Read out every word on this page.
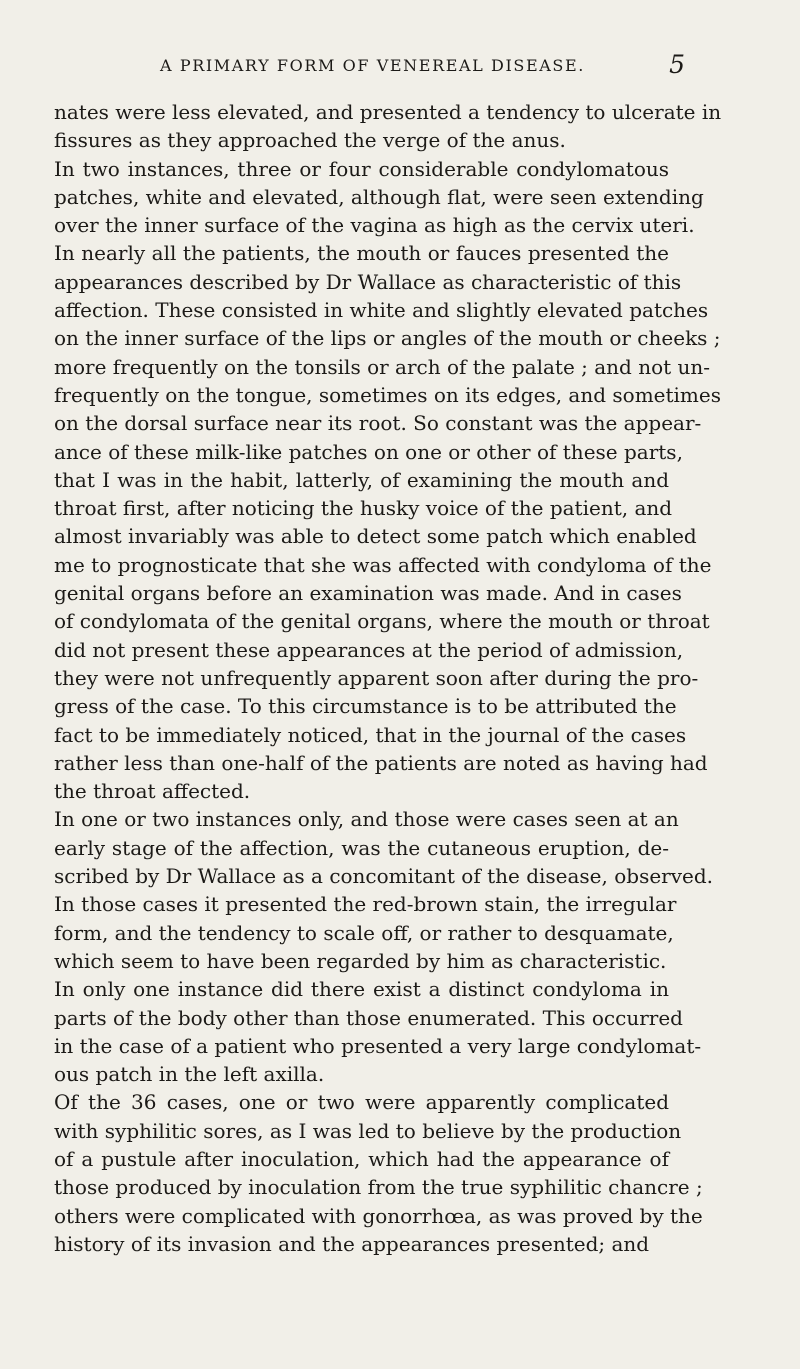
A PRIMARY FORM OF VENEREAL DISEASE.	5
nates were less elevated, and presented a tendency to ulcerate in
fissures as they approached the verge of the anus.
In two instances, three or four considerable condylomatous
patches, white and elevated, although flat, were seen extending
over the inner surface of the vagina as high as the cervix uteri.
In nearly all the patients, the mouth or fauces presented the
appearances described by Dr Wallace as characteristic of this
affection. These consisted in white and slightly elevated patches
on the inner surface of the lips or angles of the mouth or cheeks ;
more frequently on the tonsils or arch of the palate ; and not un-
frequently on the tongue, sometimes on its edges, and sometimes
on the dorsal surface near its root. So constant was the appear-
ance of these milk-like patches on one or other of these parts,
that I was in the habit, latterly, of examining the mouth and
throat first, after noticing the husky voice of the patient, and
almost invariably was able to detect some patch which enabled
me to prognosticate that she was affected with condyloma of the
genital organs before an examination was made. And in cases
of condylomata of the genital organs, where the mouth or throat
did not present these appearances at the period of admission,
they were not unfrequently apparent soon after during the pro-
gress of the case. To this circumstance is to be attributed the
fact to be immediately noticed, that in the journal of the cases
rather less than one-half of the patients are noted as having had
the throat affected.
In one or two instances only, and those were cases seen at an
early stage of the affection, was the cutaneous eruption, de-
scribed by Dr Wallace as a concomitant of the disease, observed.
In those cases it presented the red-brown stain, the irregular
form, and the tendency to scale off, or rather to desquamate,
which seem to have been regarded by him as characteristic.
In only one instance did there exist a distinct condyloma in
parts of the body other than those enumerated. This occurred
in the case of a patient who presented a very large condylomat-
ous patch in the left axilla.
Of the 36 cases, one or two were apparently complicated
with syphilitic sores, as I was led to believe by the production
of a pustule after inoculation, which had the appearance of
those produced by inoculation from the true syphilitic chancre ;
others were complicated with gonorrhœa, as was proved by the
history of its invasion and the appearances presented; and
